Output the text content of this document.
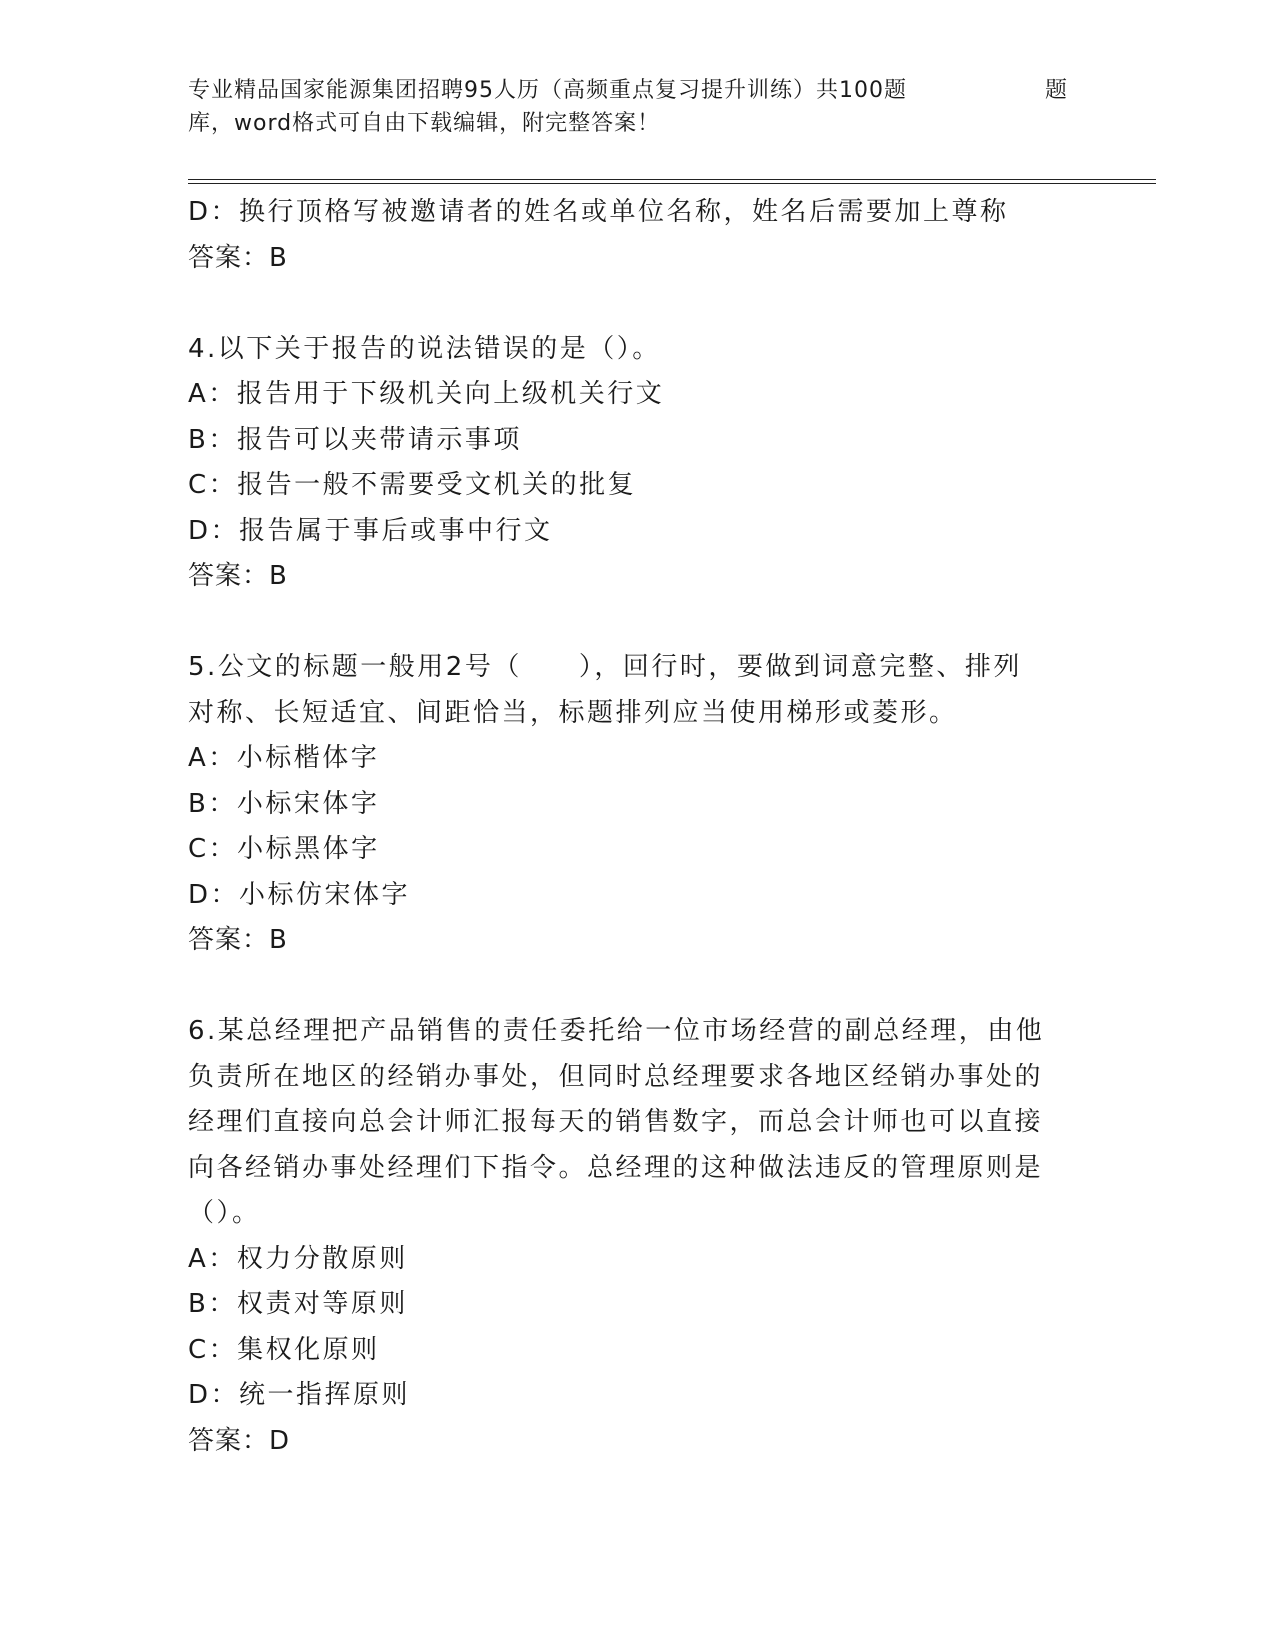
专业精品国家能源集团招聘95人历（高频重点复习提升训练）共100题
库，word格式可自由下载编辑，附完整答案！
题
D：换行顶格写被邀请者的姓名或单位名称，姓名后需要加上尊称
答案：B
4.以下关于报告的说法错误的是（）。
A：报告用于下级机关向上级机关行文
B：报告可以夹带请示事项
C：报告一般不需要受文机关的批复
D：报告属于事后或事中行文
答案：B
5.公文的标题一般用2号（　　），回行时，要做到词意完整、排列
对称、长短适宜、间距恰当，标题排列应当使用梯形或菱形。
A：小标楷体字
B：小标宋体字
C：小标黑体字
D：小标仿宋体字
答案：B
6.某总经理把产品销售的责任委托给一位市场经营的副总经理，由他
负责所在地区的经销办事处，但同时总经理要求各地区经销办事处的
经理们直接向总会计师汇报每天的销售数字，而总会计师也可以直接
向各经销办事处经理们下指令。总经理的这种做法违反的管理原则是
（）。
A：权力分散原则
B：权责对等原则
C：集权化原则
D：统一指挥原则
答案：D
